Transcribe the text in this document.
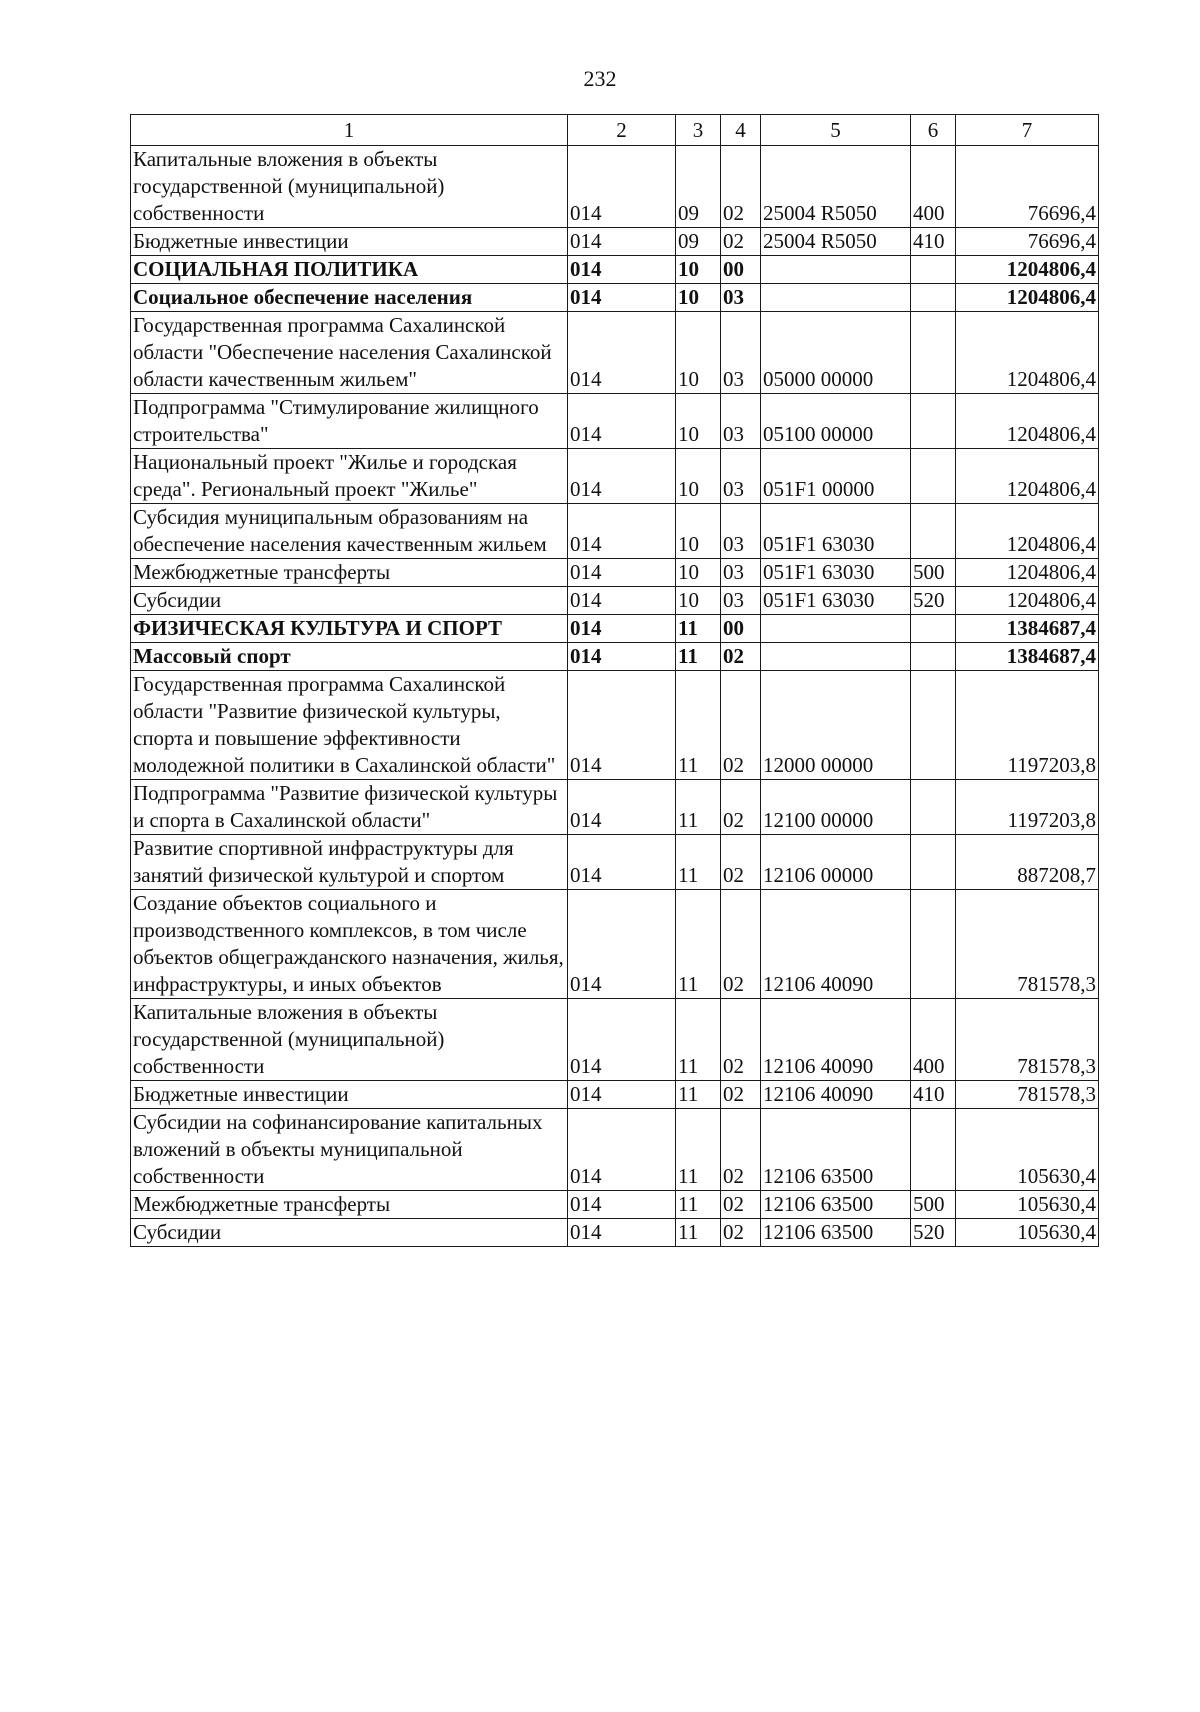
232
1	2	3	4	5	6	7
Капитальные вложения в объекты государственной (муниципальной) собственности	014	09	02	25004 R5050	400	76696,4
Бюджетные инвестиции	014	09	02	25004 R5050	410	76696,4
СОЦИАЛЬНАЯ ПОЛИТИКА	014	10	00			1204806,4
Социальное обеспечение населения	014	10	03			1204806,4
Государственная программа Сахалинской области "Обеспечение населения Сахалинской области качественным жильем"	014	10	03	05000 00000		1204806,4
Подпрограмма "Стимулирование жилищного строительства"	014	10	03	05100 00000		1204806,4
Национальный проект "Жилье и городская среда". Региональный проект "Жилье"	014	10	03	051F1 00000		1204806,4
Субсидия муниципальным образованиям на обеспечение населения качественным жильем	014	10	03	051F1 63030		1204806,4
Межбюджетные трансферты	014	10	03	051F1 63030	500	1204806,4
Субсидии	014	10	03	051F1 63030	520	1204806,4
ФИЗИЧЕСКАЯ КУЛЬТУРА И СПОРТ	014	11	00			1384687,4
Массовый спорт	014	11	02			1384687,4
Государственная программа Сахалинской области "Развитие физической культуры, спорта и повышение эффективности молодежной политики в Сахалинской области"	014	11	02	12000 00000		1197203,8
Подпрограмма "Развитие физической культуры и спорта в Сахалинской области"	014	11	02	12100 00000		1197203,8
Развитие спортивной инфраструктуры для занятий физической культурой и спортом	014	11	02	12106 00000		887208,7
Создание объектов социального и производственного комплексов, в том числе объектов общегражданского назначения, жилья, инфраструктуры, и иных объектов	014	11	02	12106 40090		781578,3
Капитальные вложения в объекты государственной (муниципальной) собственности	014	11	02	12106 40090	400	781578,3
Бюджетные инвестиции	014	11	02	12106 40090	410	781578,3
Субсидии на софинансирование капитальных вложений в объекты муниципальной собственности	014	11	02	12106 63500		105630,4
Межбюджетные трансферты	014	11	02	12106 63500	500	105630,4
Субсидии	014	11	02	12106 63500	520	105630,4
